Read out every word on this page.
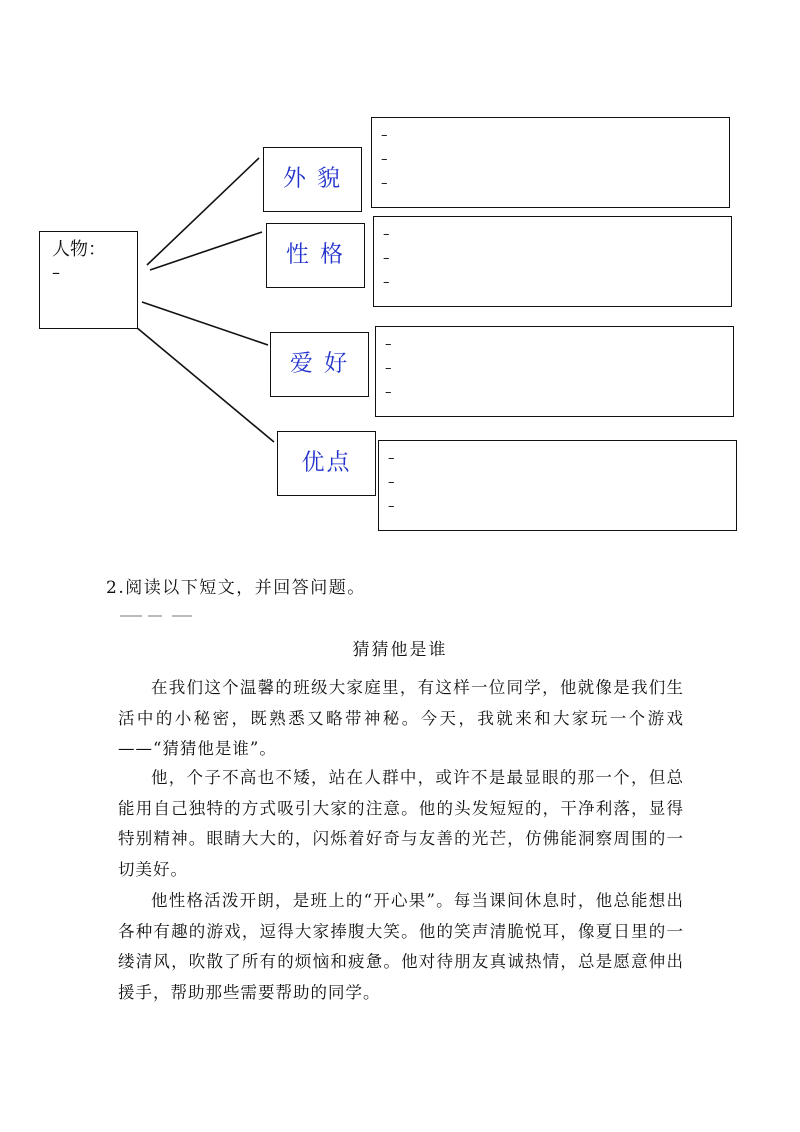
人物：
–
外 貌
性 格
爱 好
优点
–
–
–
–
–
–
–
–
–
–
–
–
2.阅读以下短文，并回答问题。
猜猜他是谁

在我们这个温馨的班级大家庭里，有这样一位同学，他就像是我们生活中的小秘密，既熟悉又略带神秘。今天，我就来和大家玩一个游戏——“猜猜他是谁”。

他，个子不高也不矮，站在人群中，或许不是最显眼的那一个，但总能用自己独特的方式吸引大家的注意。他的头发短短的，干净利落，显得特别精神。眼睛大大的，闪烁着好奇与友善的光芒，仿佛能洞察周围的一切美好。

他性格活泼开朗，是班上的“开心果”。每当课间休息时，他总能想出各种有趣的游戏，逗得大家捧腹大笑。他的笑声清脆悦耳，像夏日里的一缕清风，吹散了所有的烦恼和疲惫。他对待朋友真诚热情，总是愿意伸出援手，帮助那些需要帮助的同学。
